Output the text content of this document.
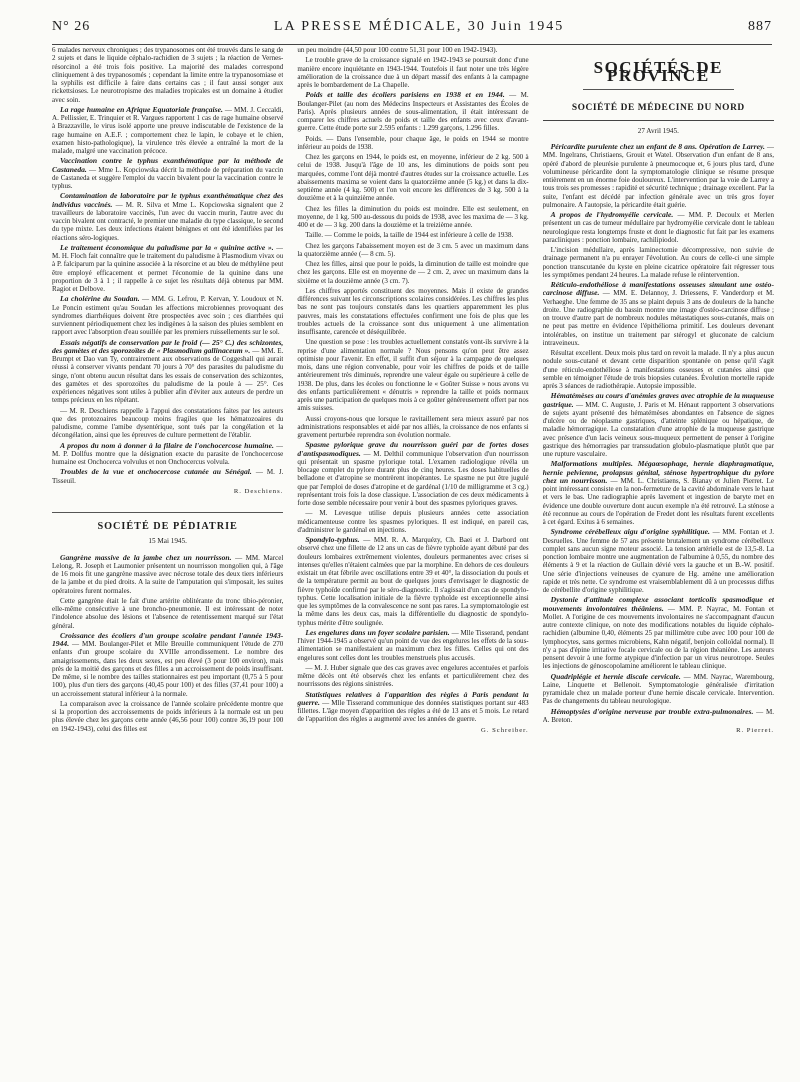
N° 26	LA PRESSE MÉDICALE, 30 Juin 1945	887

6 malades nerveux chroniques ; des trypanosomes ont été trouvés dans le sang de 2 sujets et dans le liquide céphalo-rachidien de 3 sujets ; la réaction de Vernes-résorcinol a été trois fois positive. La majorité des malades correspond cliniquement à des trypanosomés ; cependant la limite entre la trypanosomiase et la syphilis est difficile à faire dans certains cas ; il faut aussi songer aux rickettsioses. Le neurotropisme des maladies tropicales est un domaine à étudier avec soin.

La rage humaine en Afrique Equatoriale française. — MM. J. Ceccaldi, A. Pellissier, E. Trinquier et R. Vargues rapportent 1 cas de rage humaine observé à Brazzaville, le virus isolé apporte une preuve indiscutable de l'existence de la rage humaine en A.E.F. ; comportement chez le lapin, le cobaye et le chien, examen histo-pathologique), la virulence très élevée a entraîné la mort de la malade, malgré une vaccination précoce.

Vaccination contre le typhus exanthématique par la méthode de Castaneda. — Mme L. Kopciowska décrit la méthode de préparation du vaccin de Castaneda et suggère l'emploi du vaccin bivalent pour la vaccination contre le typhus.

Contamination de laboratoire par le typhus exanthématique chez des individus vaccinés. — M. R. Silva et Mme L. Kopciowska signalent que 2 travailleurs de laboratoire vaccinés, l'un avec du vaccin murin, l'autre avec du vaccin bivalent ont contracté, le premier une maladie du type classique, le second du type mixte. Les deux infections étaient bénignes et ont été identifiées par les réactions séro-logiques.

Le traitement économique du paludisme par la « quinine active ». — M. H. Floch fait connaître que le traitement du paludisme à Plasmodium vivax ou à P. falciparum par la quinine associée à la résorcine et au bleu de méthylène peut être employé efficacement et permet l'économie de la quinine dans une proportion de 3 à 1 ; il rappelle à ce sujet les résultats déjà obtenus par MM. Ragiot et Delbove.

La cholérine du Soudan. — MM. G. Lefrou, P. Kervan, Y. Loudoux et N. Le Poncin estiment qu'au Soudan les affections microbiennes provoquant des syndromes diarrhéiques doivent être prospectées avec soin ; ces diarrhées qui surviennent périodiquement chez les indigènes à la saison des pluies semblent en rapport avec l'absorption d'eau souillée par les premiers ruissellements sur le sol.

Essais négatifs de conservation par le froid (— 25° C.) des schizontes, des gamètes et des sporozoïtes de « Plasmodium gallinaceum ». — MM. E. Brumpt et Dao van Ty, contrairement aux observations de Coggeshall qui aurait réussi à conserver vivants pendant 70 jours à 70° des parasites du paludisme du singe, n'ont obtenu aucun résultat dans les essais de conservation des schizontes, des gamètes et des sporozoïtes du paludisme de la poule à — 25°. Ces expériences négatives sont utiles à publier afin d'éviter aux auteurs de perdre un temps précieux en les répétant.

— M. R. Deschiens rappelle à l'appui des constatations faites par les auteurs que des protozoaires beaucoup moins fragiles que les hématozoaires du paludisme, comme l'amibe dysentérique, sont tués par la congélation et la décongélation, ainsi que les épreuves de culture permettent de l'établir.

A propos du nom à donner à la filaire de l'onchocercose humaine. — M. P. Dollfus montre que la désignation exacte du parasite de l'onchocercose humaine est Onchocerca volvulus et non Onchocercus volvula.

Troubles de la vue et onchocercose cutanée au Sénégal. — M. J. Tisseuil.

R. Deschiens.
SOCIÉTÉ DE PÉDIATRIE
15 Mai 1945.

Gangrène massive de la jambe chez un nourrisson. — MM. Marcel Lelong, R. Joseph et Laumonier présentent un nourrisson mongolien qui, à l'âge de 16 mois fit une gangrène massive avec nécrose totale des deux tiers inférieurs de la jambe et du pied droits. A la suite de l'amputation qui s'imposait, les suites opératoires furent normales.

Cette gangrène était le fait d'une artérite oblitérante du tronc tibio-péronier, elle-même consécutive à une broncho-pneumonie. Il est intéressant de noter l'indolence absolue des lésions et l'absence de retentissement marqué sur l'état général.

Croissance des écoliers d'un groupe scolaire pendant l'année 1943-1944. — MM. Boulanger-Pilet et Mlle Breuille communiquent l'étude de 270 enfants d'un groupe scolaire du XVIIIe arrondissement. Le nombre des amaigrissements, dans les deux sexes, est peu élevé (3 pour 100 environ), mais près de la moitié des garçons et des filles a un accroissement de poids insuffisant. De même, si le nombre des tailles stationnaires est peu important (0,75 à 5 pour 100), plus d'un tiers des garçons (40,45 pour 100) et des filles (37,41 pour 100) a un accroissement statural inférieur à la normale.

La comparaison avec la croissance de l'année scolaire précédente montre que si la proportion des accroissements de poids inférieurs à la normale est un peu plus élevée chez les garçons cette année (46,56 pour 100) contre 36,19 pour 100 en 1942-1943), celui des filles est

un peu moindre (44,50 pour 100 contre 51,31 pour 100 en 1942-1943).

Le trouble grave de la croissance signalé en 1942-1943 se poursuit donc d'une manière encore inquiétante en 1943-1944. Toutefois il faut noter une très légère amélioration de la croissance due à un départ massif des enfants à la campagne après le bombardement de La Chapelle.

Poids et taille des écoliers parisiens en 1938 et en 1944. — M. Boulanger-Pilet (au nom des Médecins Inspecteurs et Assistantes des Écoles de Paris). Après plusieurs années de sous-alimentation, il était intéressant de comparer les chiffres actuels de poids et taille des enfants avec ceux d'avant-guerre. Cette étude porte sur 2.595 enfants : 1.299 garçons, 1.296 filles.

Poids. — Dans l'ensemble, pour chaque âge, le poids en 1944 se montre inférieur au poids de 1938.

Chez les garçons en 1944, le poids est, en moyenne, inférieur de 2 kg. 500 à celui de 1938. Jusqu'à l'âge de 10 ans, les diminutions de poids sont peu marquées, comme l'ont déjà montré d'autres études sur la croissance actuelle. Les abaissements maxima se voient dans la quatorzième année (5 kg.) et dans la dix-septième année (4 kg. 500) et l'on voit encore les différences de 3 kg. 500 à la douzième et à la quinzième année.

Chez les filles la diminution du poids est moindre. Elle est seulement, en moyenne, de 1 kg. 500 au-dessous du poids de 1938, avec les maxima de — 3 kg. 400 et de — 3 kg. 200 dans la douzième et la treizième année.

Taille. — Comme le poids, la taille de 1944 est inférieure à celle de 1938.

Chez les garçons l'abaissement moyen est de 3 cm. 5 avec un maximum dans la quatorzième année (— 8 cm. 5).

Chez les filles, ainsi que pour le poids, la diminution de taille est moindre que chez les garçons. Elle est en moyenne de — 2 cm. 2, avec un maximum dans la sixième et la douzième année (3 cm. 7).

Les chiffres apportés constituent des moyennes. Mais il existe de grandes différences suivant les circonscriptions scolaires considérées. Les chiffres les plus bas ne sont pas toujours constatés dans les quartiers apparemment les plus pauvres, mais les constatations effectuées confirment une fois de plus que les troubles actuels de la croissance sont dus uniquement à une alimentation insuffisante, carencée et déséquilibrée.

Une question se pose : les troubles actuellement constatés vont-ils survivre à la reprise d'une alimentation normale ? Nous pensons qu'on peut être assez optimiste pour l'avenir. En effet, il suffit d'un séjour à la campagne de quelques mois, dans une région convenable, pour voir les chiffres de poids et de taille antérieurement très diminués, reprendre une valeur égale ou supérieure à celle de 1938. De plus, dans les écoles ou fonctionne le « Goûter Suisse » nous avons vu des enfants particulièrement « dénutris » reprendre la taille et poids normaux après une participation de quelques mois à ce goûter généreusement offert par nos amis suisses.

Aussi croyons-nous que lorsque le ravitaillement sera mieux assuré par nos administrations responsables et aidé par nos alliés, la croissance de nos enfants si gravement perturbée reprendra son évolution normale.

Spasme pylorique grave du nourrisson guéri par de fortes doses d'antispasmodiques. — M. Delthil communique l'observation d'un nourrisson qui présentait un spasme pylorique total. L'examen radiologique révéla un blocage complet du pylore durant plus de cinq heures. Les doses habituelles de belladone et d'atropine se montrèrent inopérantes. Le spasme ne put être jugulé que par l'emploi de doses d'atropine et de gardénal (1/10 de milligramme et 3 cg.) représentant trois fois la dose classique. L'association de ces deux médicaments à forte dose semble nécessaire pour venir à bout des spasmes pyloriques graves.

— M. Levesque utilise depuis plusieurs années cette association médicamenteuse contre les spasmes pyloriques. Il est indiqué, en pareil cas, d'administrer le gardénal en injections.

Spondylo-typhus. — MM. R. A. Marquézy, Ch. Baei et J. Darbord ont observé chez une fillette de 12 ans un cas de fièvre typhoïde ayant débuté par des douleurs lombaires extrêmement violentes, douleurs permanentes avec crises si intenses qu'elles n'étaient calmées que par la morphine. En dehors de ces douleurs existait un état fébrile avec oscillations entre 39 et 40°, la dissociation du pouls et de la température permit au bout de quelques jours d'envisager le diagnostic de fièvre typhoïde confirmé par le séro-diagnostic. Il s'agissait d'un cas de spondylo-typhus. Cette localisation initiale de la fièvre typhoïde est exceptionnelle ainsi que les symptômes de la convalescence ne sont pas rares. La symptomatologie est la même dans les deux cas, mais la différentielle du diagnostic de spondylo-typhus mérite d'être soulignée.

Les engelures dans un foyer scolaire parisien. — Mlle Tisserand, pendant l'hiver 1944-1945 a observé qu'un point de vue des engelures les effets de la sous-alimentation se manifestaient au maximum chez les filles. Celles qui ont des engelures sont celles dont les troubles menstruels plus accusés.

— M. J. Huber signale que des cas graves avec engelures accentuées et parfois même décès ont été observés chez les enfants et particulièrement chez des nourrissons des régions sinistrées.

Statistiques relatives à l'apparition des règles à Paris pendant la guerre. — Mlle Tisserand communique des données statistiques portant sur 483 fillettes. L'âge moyen d'apparition des règles a été de 13 ans et 5 mois. Le retard de l'apparition des règles a augmenté avec les années de guerre.

G. Schreiber.
SOCIÉTÉS DE PROVINCE
SOCIÉTÉ DE MÉDECINE DU NORD
27 Avril 1945.

Péricardite purulente chez un enfant de 8 ans. Opération de Larrey. — MM. Ingelrans, Christiaens, Grouit et Watel. Observation d'un enfant de 8 ans, opéré d'abord de pleurésie purulente à pneumocoque et, 6 jours plus tard, d'une volumineuse péricardite dont la symptomatologie clinique se résume presque entièrement en un énorme foie douloureux. L'intervention par la voie de Larrey a tous trois ses promesses : rapidité et sécurité technique ; drainage excellent. Par la suite, l'enfant est décédé par infection générale avec un très gros foyer pulmonaire. A l'autopsie, la péricardite était guérie.

A propos de l'hydromyélie cervicale. — MM. P. Decoulx et Merlen présentent un cas de tumeur médullaire par hydromyélie cervicale dont le tableau neurologique resta longtemps fruste et dont le diagnostic fut fait par les examens paracliniques : ponction lombaire, rachilipiodol.

L'incision médullaire, après laminectomie décompressive, non suivie de drainage permanent n'a pu enrayer l'évolution. Au cours de celle-ci une simple ponction transcutanée du kyste en pleine cicatrice opératoire fait régresser tous les symptômes pendant 24 heures. La malade refuse le réintervention.

Réticulo-endothéliose à manifestations osseuses simulant une ostéo-carcinose diffuse. — MM. E. Delannoy, J. Driessens, F. Vanderdorp et M. Verhaeghe. Une femme de 35 ans se plaint depuis 3 ans de douleurs de la hanche droite. Une radiographie du bassin montre une image d'ostéo-carcinose diffuse ; on trouve d'autre part de nombreux nodules métastatiques sous-cutanés, mais on ne peut pas mettre en évidence l'épithélioma primitif. Les douleurs devenant intolérables, on institue un traitement par stérogyl et gluconate de calcium intraveineux.

Résultat excellent. Deux mois plus tard on revoit la malade. Il n'y a plus aucun nodule sous-cutané et devant cette disparition spontanée on pense qu'il s'agit d'une réticulo-endothéliose à manifestations osseuses et cutanées ainsi que semble en témoigner l'étude de trois biopsies cutanées. Évolution mortelle rapide après 3 séances de radiothérapie. Autopsie impossible.

Hématémèses au cours d'anémies graves avec atrophie de la muqueuse gastrique. — MM. C. Auguste, J. Paris et M. Hénaut rapportent 3 observations de sujets ayant présenté des hématémèses abondantes en l'absence de signes d'ulcère ou de néoplasme gastriques, d'atteinte splénique ou hépatique, de maladie hémorragique. La constatation d'une atrophie de la muqueuse gastrique avec présence d'un lacis veineux sous-muqueux permettent de penser à l'origine gastrique des hémorragies par transsudation globulo-plasmatique plutôt que par une rupture vasculaire.

Malformations multiples. Mégaœsophage, hernie diaphragmatique, hernie pelvienne, prolapsus génital, sténose hypertrophique du pylore chez un nourrisson. — MM. L. Christiaens, S. Bianay et Julien Pierret. Le point intéressant consiste en la non-fermeture de la cavité abdominale vers le haut et vers le bas. Une radiographie après lavement et ingestion de baryte met en évidence une double ouverture dont aucun exemple n'a été retrouvé. La sténose a été reconnue au cours de l'opération de Fredet dont les résultats furent excellents à cet égard. Exitus à 6 semaines.

Syndrome cérébelleux aigu d'origine syphilitique. — MM. Fontan et J. Desruelles. Une femme de 57 ans présente brutalement un syndrome cérébelleux complet sans aucun signe moteur associé. La tension artérielle est de 13,5-8. La ponction lombaire montre une augmentation de l'albumine à 0,55, du nombre des éléments à 9 et la réaction de Gullain dévié vers la gauche et un B.-W. positif. Une série d'injections veineuses de cyanure de Hg. améne une amélioration rapide et très nette. Ce syndrome est vraisemblablement dû à un processus diffus de cérébellite d'origine syphilitique.

Dystonie d'attitude complexe associant torticolis spasmodique et mouvements involontaires théâniens. — MM. P. Nayrac, M. Fontan et Mollet. A l'origine de ces mouvements involontaires ne s'accompagnant d'aucun autre contexte clinique, on note des modifications notables du liquide céphalo-rachidien (albumine 0,40, éléments 25 par millimètre cube avec 100 pour 100 de lymphocytes, sans germes microbiens, Kahn négatif, benjoin colloïdal normal). Il n'y a pas d'épine irritative focale cervicale ou de la région théaniène. Les auteurs pensent devoir à une forme atypique d'infection par un virus neurotrope. Seules les injections de génoscopolamine améliorent le tableau clinique.

Quadriplégie et hernie discale cervicale. — MM. Nayrac, Warembourg, Laine, Linquette et Bellenoit. Symptomatologie généralisée d'irritation pyramidale chez un malade porteur d'une hernie discale cervicale. Intervention. Pas de changements du tableau neurologique.

Hémoptysies d'origine nerveuse par trouble extra-pulmonaires. — M. A. Breton.

R. Pierret.
